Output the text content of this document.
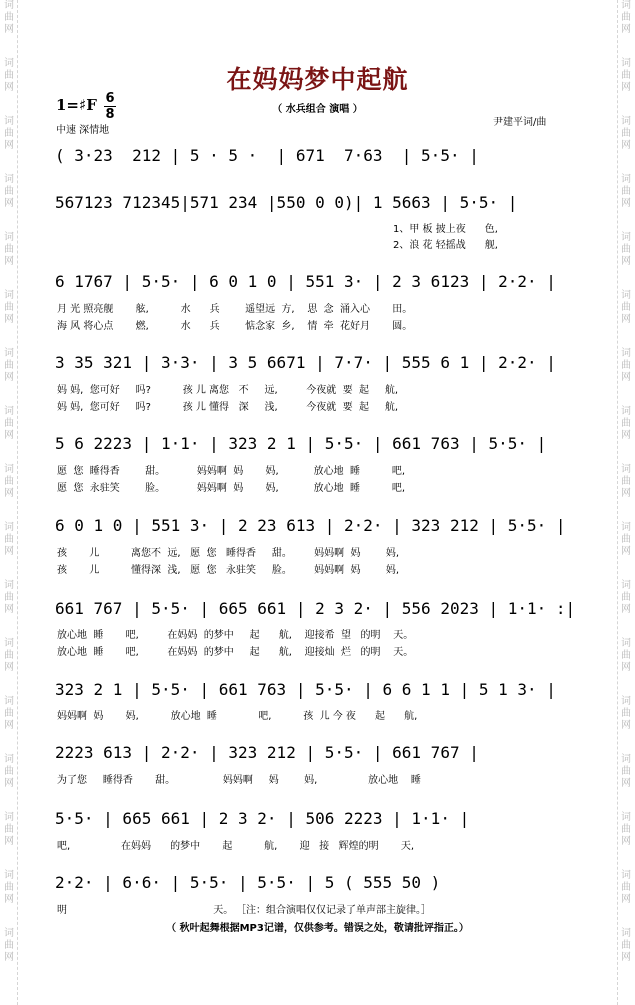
词
曲
网
词
曲
网
词
曲
网
词
曲
网
词
曲
网
词
曲
网
词
曲
网
词
曲
网
词
曲
网
词
曲
网
词
曲
网
词
曲
网
词
曲
网
词
曲
网
词
曲
网
词
曲
网
词
曲
网
词
曲
网
词
曲
网
词
曲
网
词
曲
网
词
曲
网
词
曲
网
词
曲
网
词
曲
网
词
曲
网
词
曲
网
词
曲
网
词
曲
网
词
曲
网
词
曲
网
词
曲
网
词
曲
网
词
曲
网
在妈妈梦中起航
（ 水兵组合 演唱 ）
1=♯F 6
8
中速 深情地
尹建平词/曲
( 3·23  212 | 5 · 5 ·  | 671  7·63  | 5·5· |
567123 712345|571 234 |550 0 0)| 1 5663 | 5·5· |
1、甲 板 披上夜      色,
2、浪 花 轻摇战      舰,
6 1767 | 5·5· | 6 0 1 0 | 551 3· | 2 3 6123 | 2·2· |
月 光 照亮舰       舷,          水      兵        遥望远  方,    思  念  涌入心       田。
海 风 将心点       燃,          水      兵        惦念家  乡,    情  牵  花好月       圆。
3 35 321 | 3·3· | 3 5 6671 | 7·7· | 555 6 1 | 2·2· |
妈 妈,  您可好     吗?          孩 儿 离您   不     远,         今夜就  要  起     航,
妈 妈,  您可好     吗?          孩 儿 懂得   深     浅,         今夜就  要  起     航,
5 6 2223 | 1·1· | 323 2 1 | 5·5· | 661 763 | 5·5· |
愿  您  睡得香        甜。          妈妈啊  妈       妈,           放心地  睡          吧,
愿  您  永驻笑        脸。          妈妈啊  妈       妈,           放心地  睡          吧,
6 0 1 0 | 551 3· | 2 23 613 | 2·2· | 323 212 | 5·5· |
孩       儿          离您不  远,   愿  您   睡得香     甜。       妈妈啊  妈        妈,
孩       儿          懂得深  浅,   愿  您   永驻笑     脸。       妈妈啊  妈        妈,
661 767 | 5·5· | 665 661 | 2 3 2· | 556 2023 | 1·1· :|
放心地  睡       吧,         在妈妈  的梦中     起      航,    迎接希  望   的明    天。
放心地  睡       吧,         在妈妈  的梦中     起      航,    迎接灿  烂   的明    天。
323 2 1 | 5·5· | 661 763 | 5·5· | 6 6 1 1 | 5 1 3· |
妈妈啊  妈       妈,          放心地  睡             吧,          孩  儿 今 夜      起      航,
2223 613 | 2·2· | 323 212 | 5·5· | 661 767 |
为了您     睡得香       甜。               妈妈啊     妈        妈,                放心地    睡
5·5· | 665 661 | 2 3 2· | 506 2223 | 1·1· |
吧,                在妈妈      的梦中       起          航,       迎   接   辉煌的明       天,
2·2· | 6·6· | 5·5· | 5·5· | 5 ( 555 50 )
明                                              天。 ［注：组合演唱仅仅记录了单声部主旋律。］
（ 秋叶起舞根据MP3记谱，仅供参考。错误之处，敬请批评指正。）
